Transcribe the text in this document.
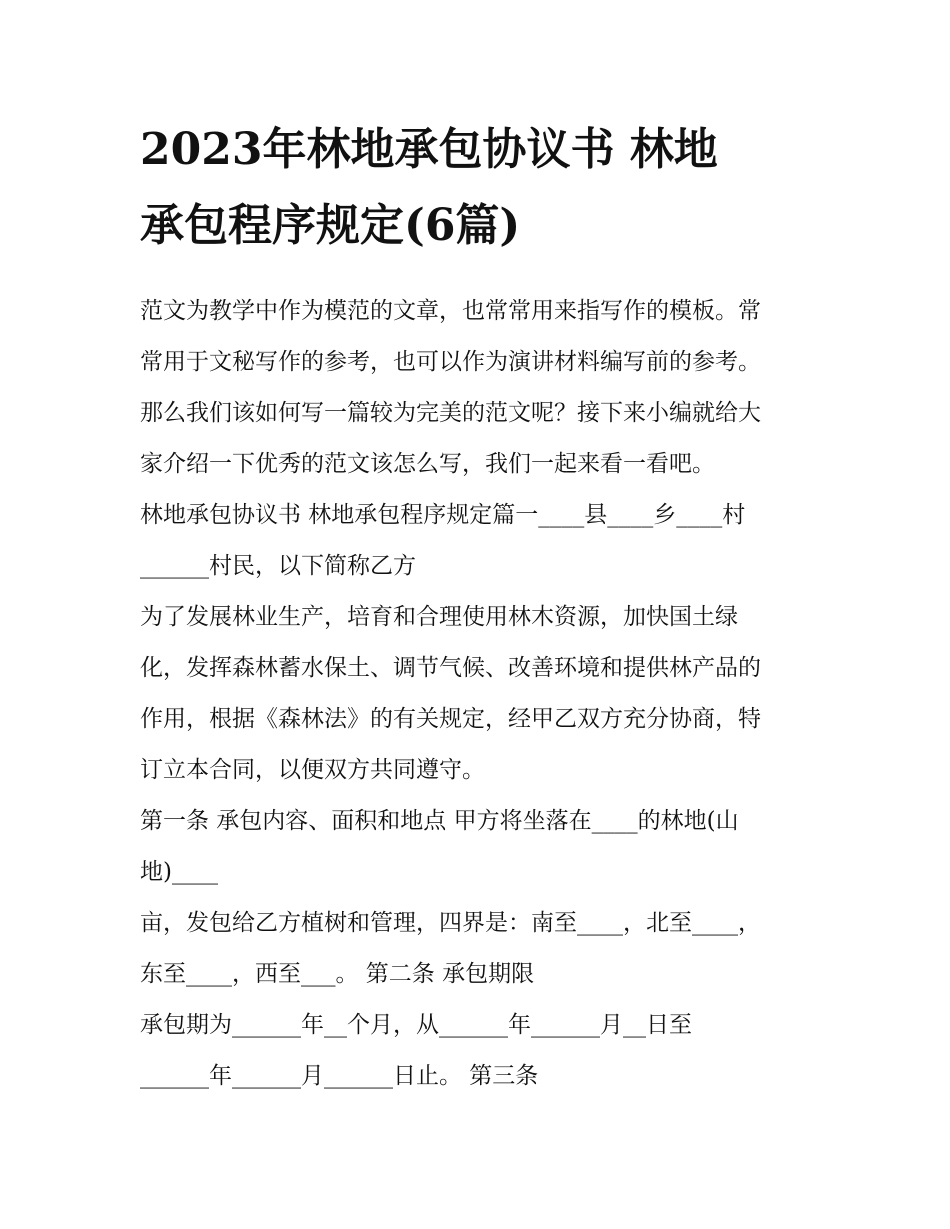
2023年林地承包协议书 林地
承包程序规定(6篇)

范文为教学中作为模范的文章，也常常用来指写作的模板。常
常用于文秘写作的参考，也可以作为演讲材料编写前的参考。
那么我们该如何写一篇较为完美的范文呢？接下来小编就给大
家介绍一下优秀的范文该怎么写，我们一起来看一看吧。

林地承包协议书 林地承包程序规定篇一____县____乡____村
______村民，以下简称乙方

为了发展林业生产，培育和合理使用林木资源，加快国土绿
化，发挥森林蓄水保土、调节气候、改善环境和提供林产品的
作用，根据《森林法》的有关规定，经甲乙双方充分协商，特
订立本合同，以便双方共同遵守。

第一条 承包内容、面积和地点 甲方将坐落在____的林地(山
地)____

亩，发包给乙方植树和管理，四界是：南至____，北至____，
东至____，西至___。 第二条 承包期限

承包期为______年__个月，从______年______月__日至
______年______月______日止。 第三条
